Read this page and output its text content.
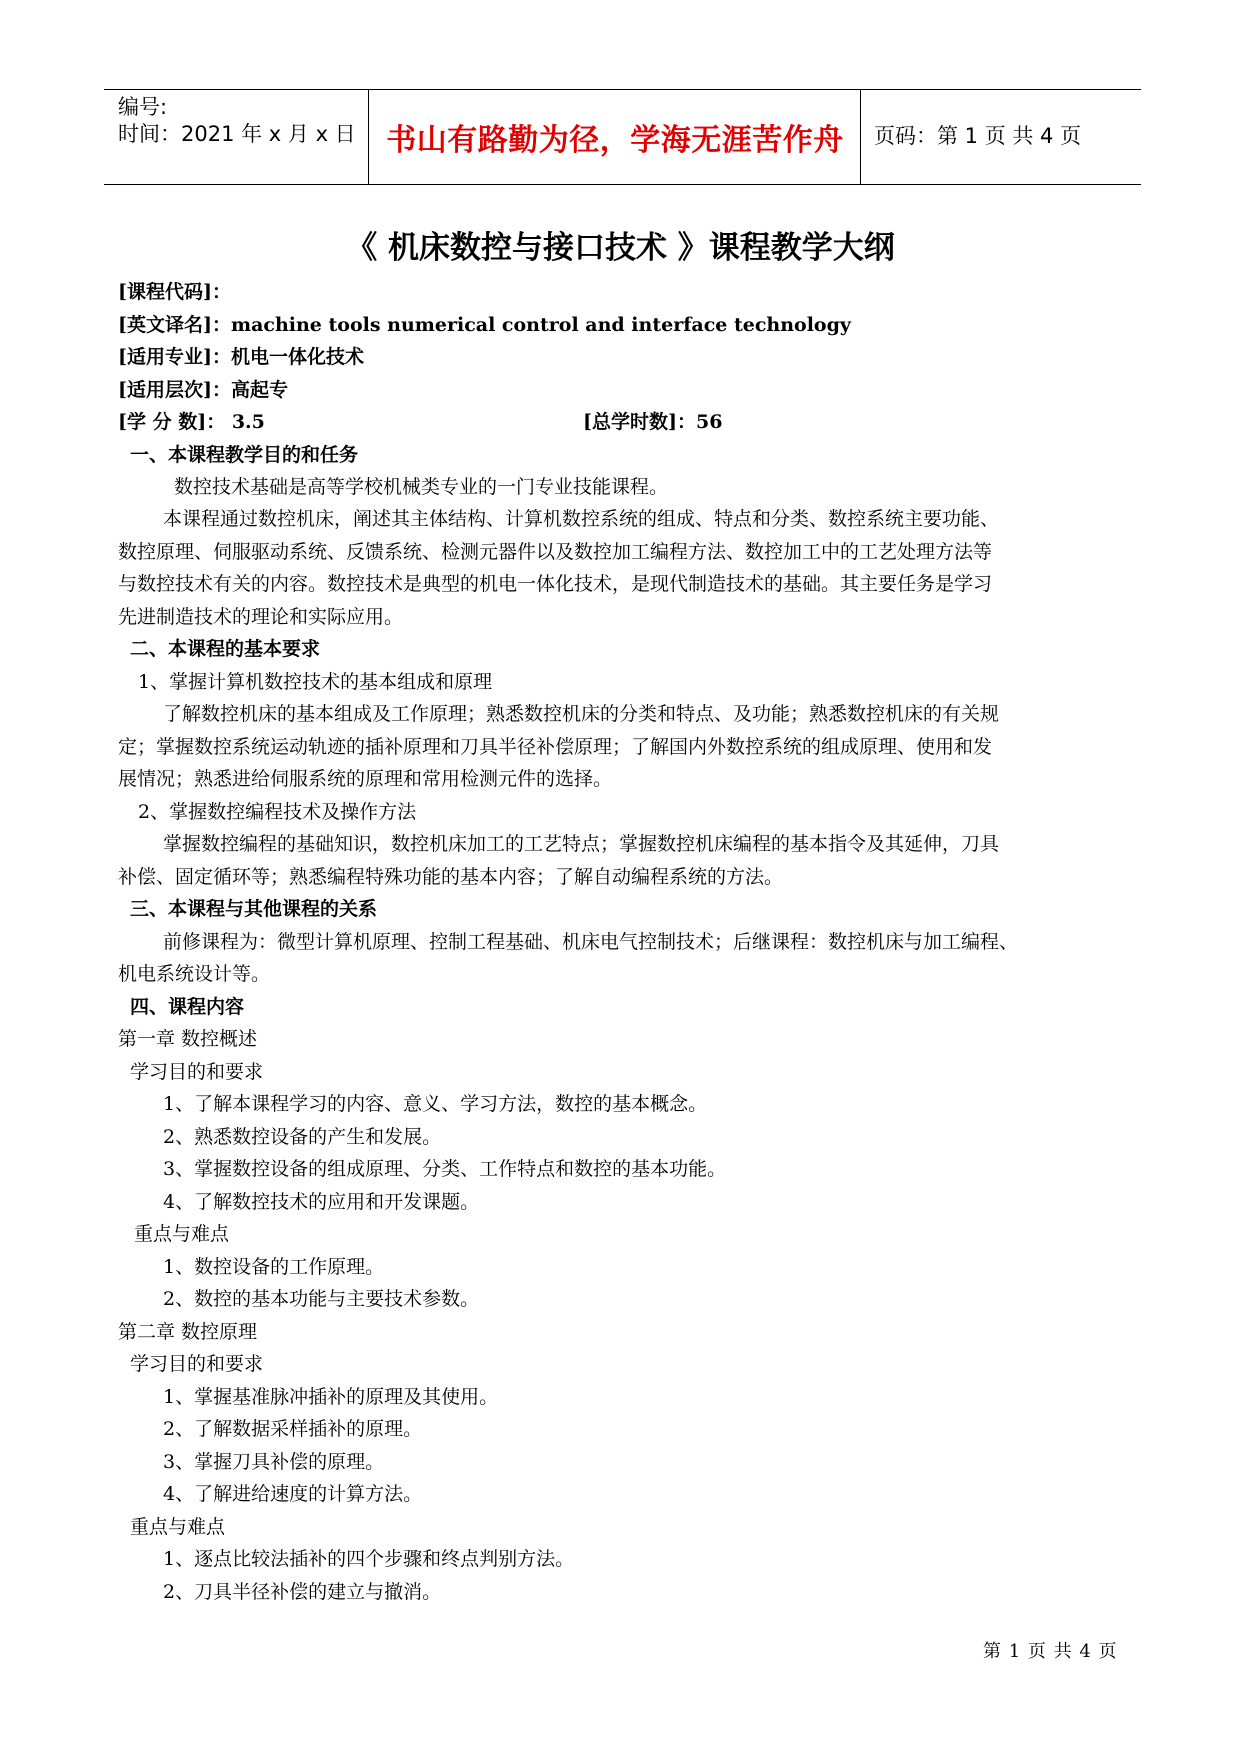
编号:
时间：2021 年 x 月 x 日	书山有路勤为径，学海无涯苦作舟	页码：第 1 页 共 4 页
《 机床数控与接口技术 》课程教学大纲
[课程代码]：
[英文译名]：machine tools numerical control and interface technology
[适用专业]：机电一体化技术
[适用层次]：高起专
[学 分 数]： 3.5	[总学时数]：56
一、本课程教学目的和任务
数控技术基础是高等学校机械类专业的一门专业技能课程。
本课程通过数控机床，阐述其主体结构、计算机数控系统的组成、特点和分类、数控系统主要功能、
数控原理、伺服驱动系统、反馈系统、检测元器件以及数控加工编程方法、数控加工中的工艺处理方法等
与数控技术有关的内容。数控技术是典型的机电一体化技术，是现代制造技术的基础。其主要任务是学习
先进制造技术的理论和实际应用。
二、本课程的基本要求
1、掌握计算机数控技术的基本组成和原理
了解数控机床的基本组成及工作原理；熟悉数控机床的分类和特点、及功能；熟悉数控机床的有关规
定；掌握数控系统运动轨迹的插补原理和刀具半径补偿原理；了解国内外数控系统的组成原理、使用和发
展情况；熟悉进给伺服系统的原理和常用检测元件的选择。
2、掌握数控编程技术及操作方法
掌握数控编程的基础知识，数控机床加工的工艺特点；掌握数控机床编程的基本指令及其延伸，刀具
补偿、固定循环等；熟悉编程特殊功能的基本内容；了解自动编程系统的方法。
三、本课程与其他课程的关系
前修课程为：微型计算机原理、控制工程基础、机床电气控制技术；后继课程：数控机床与加工编程、
机电系统设计等。
四、课程内容
第一章 数控概述
学习目的和要求
1、了解本课程学习的内容、意义、学习方法，数控的基本概念。
2、熟悉数控设备的产生和发展。
3、掌握数控设备的组成原理、分类、工作特点和数控的基本功能。
4、了解数控技术的应用和开发课题。
重点与难点
1、数控设备的工作原理。
2、数控的基本功能与主要技术参数。
第二章 数控原理
学习目的和要求
1、掌握基准脉冲插补的原理及其使用。
2、了解数据采样插补的原理。
3、掌握刀具补偿的原理。
4、了解进给速度的计算方法。
重点与难点
1、逐点比较法插补的四个步骤和终点判别方法。
2、刀具半径补偿的建立与撤消。
第 1 页 共 4 页
